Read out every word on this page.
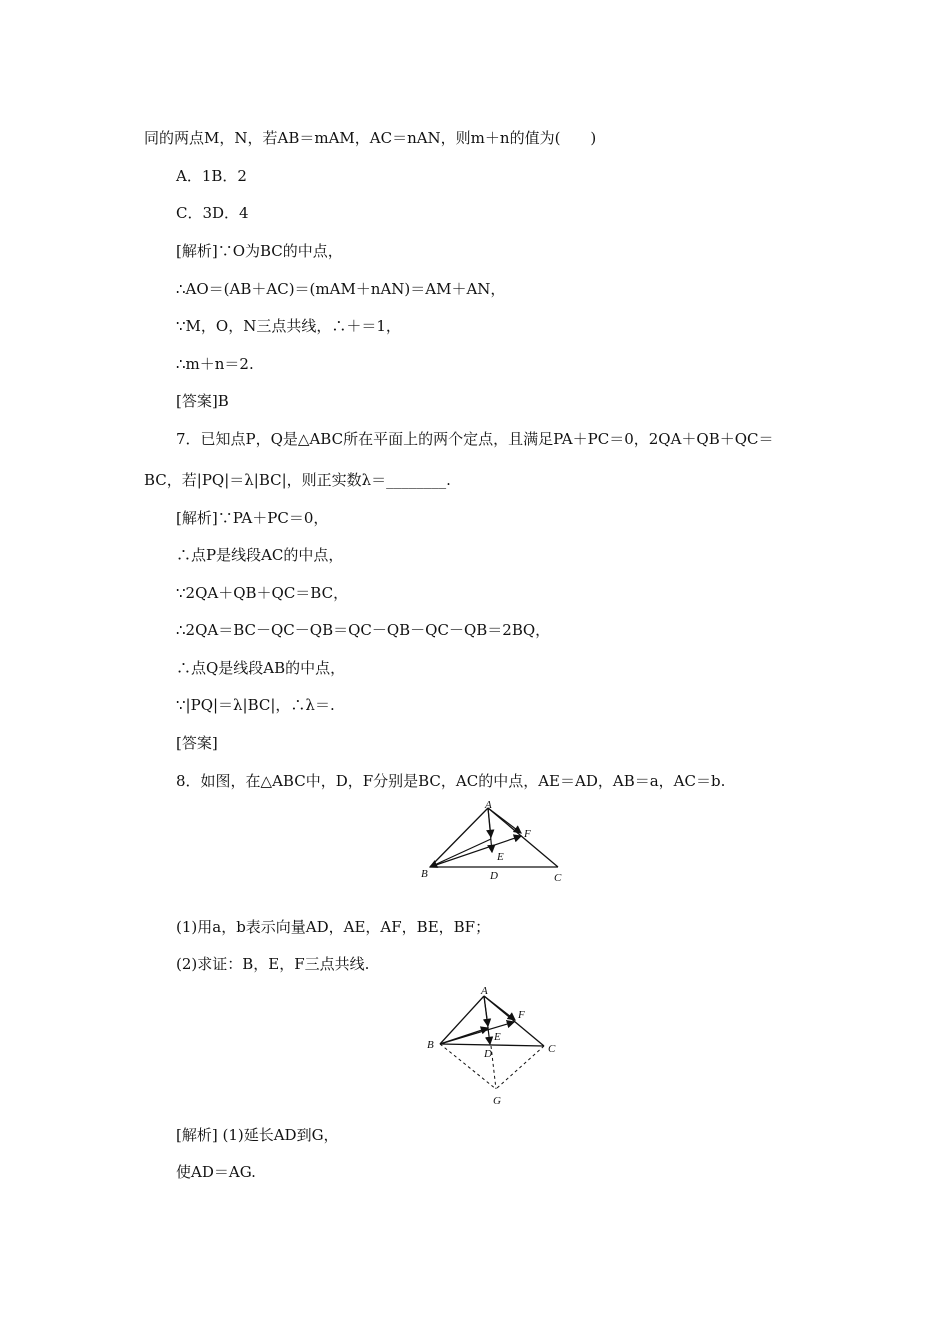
同的两点M，N，若AB＝mAM，AC＝nAN，则m＋n的值为(　　)
A．1B．2
C．3D．4
[解析]∵O为BC的中点，
∴AO＝(AB＋AC)＝(mAM＋nAN)＝AM＋AN，
∵M，O，N三点共线，∴＋＝1，
∴m＋n＝2.
[答案]B
7．已知点P，Q是△ABC所在平面上的两个定点，且满足PA＋PC＝0，2QA＋QB＋QC＝
BC，若|PQ|＝λ|BC|，则正实数λ＝________.
[解析]∵PA＋PC＝0，
∴点P是线段AC的中点，
∵2QA＋QB＋QC＝BC，
∴2QA＝BC－QC－QB＝QC－QB－QC－QB＝2BQ，
∴点Q是线段AB的中点，
∵|PQ|＝λ|BC|，∴λ＝.
[答案]
8．如图，在△ABC中，D，F分别是BC，AC的中点，AE＝AD，AB＝a，AC＝b.
A
B	C
D
E
F
(1)用a，b表示向量AD，AE，AF，BE，BF；
(2)求证：B，E，F三点共线.
A
B	C
D
E
F
G
[解析] (1)延长AD到G，
使AD＝AG.
